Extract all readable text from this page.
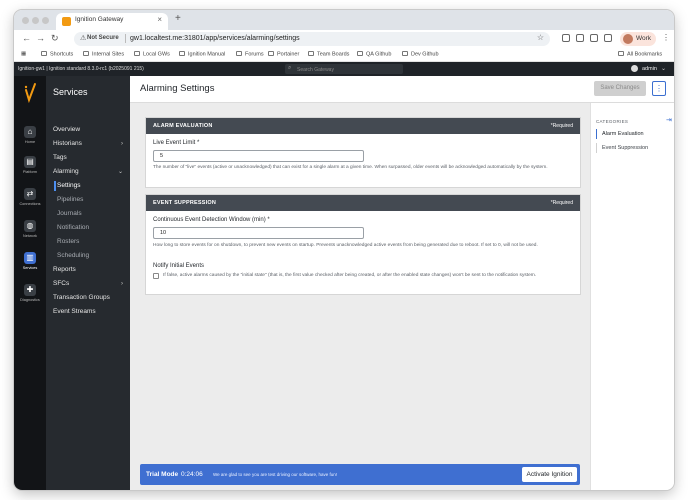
Ignition Gateway	× +
← → ↻	⚠ Not Secure gw1.localtest.me:31801/app/services/alarming/settings	☆	Work ⋮
▦	Shortcuts	Internal Sites	Local GWs	Ignition Manual	Forums	Portainer	Team Boards	QA Github	Dev Github	All Bookmarks
Ignition-gw1 | Ignition standard 8.3.0-rc1 (b2025091 215)	⌕ Search Gateway	admin ⌄
⌂
Home
▤
Platform
⇄
Connections
◍
Network
▥
Services
✚
Diagnostics
Services
Overview
Historians	›
Tags
Alarming	⌄
Settings
Pipelines
Journals
Notification
Rosters
Scheduling
Reports
SFCs	›
Transaction Groups
Event Streams
Alarming Settings	Save Changes	⋮
ALARM EVALUATION	*Required
Live Event Limit *
5
The number of "live" events (active or unacknowledged) that can exist for a single alarm at a given time. When surpassed, older events will be acknowledged automatically by the system.
EVENT SUPPRESSION	*Required
Continuous Event Detection Window (min) *
10
How long to store events for on shutdown, to prevent new events on startup. Prevents unacknowledged active events from being generated due to reboot. If set to 0, will not be used.
Notify Initial Events
If false, active alarms caused by the "initial state" (that is, the first value checked after being created, or after the enabled state changes) won't be sent to the notification system.
CATEGORIES	⇥
Alarm Evaluation
Event Suppression
Trial Mode 0:24:06 We are glad to see you are test driving our software, have fun!	Activate Ignition
